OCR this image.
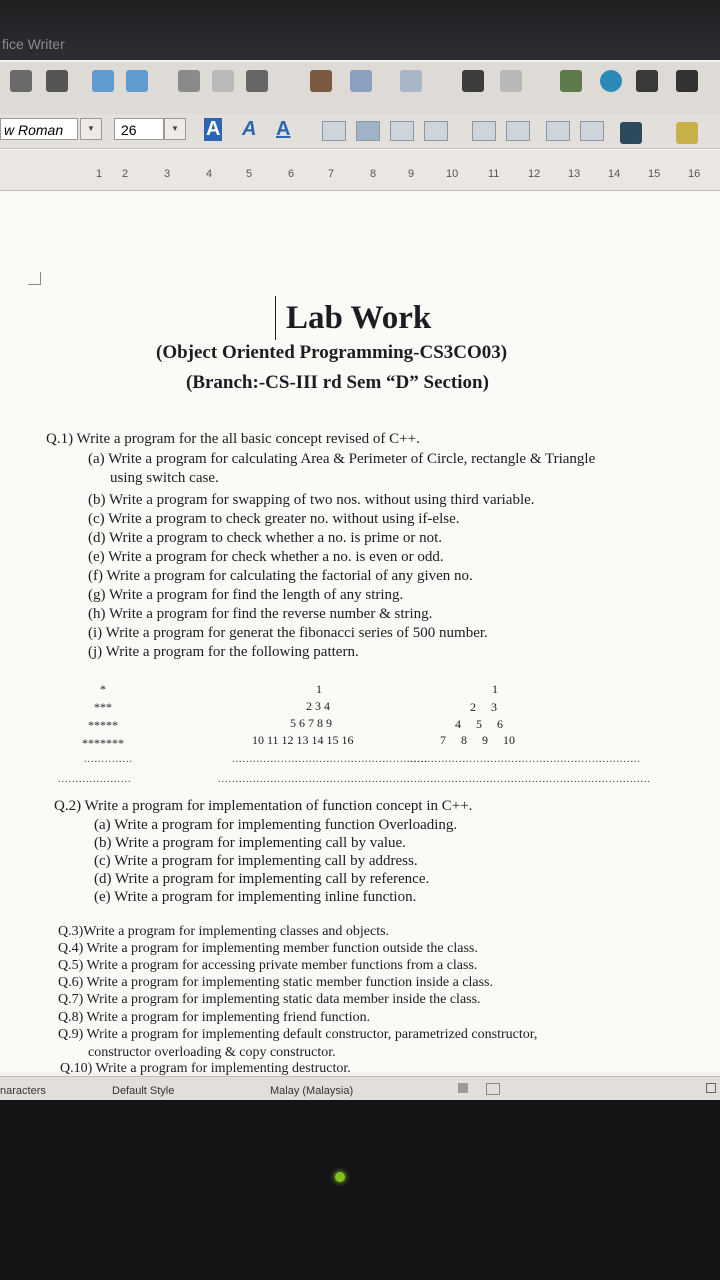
fice Writer
w Roman	▼	26	▼	A A A
1 2	3	4	5	6	7	8	9	10	11	12	13	14	15	16
Lab Work
(Object Oriented Programming-CS3CO03)
(Branch:-CS-III rd Sem “D” Section)
Q.1) Write a program for the all basic concept revised of C++.
(a) Write a program for calculating Area & Perimeter of Circle, rectangle & Triangle
using switch case.
(b) Write a program for swapping of two nos. without using third variable.
(c) Write a program to check greater no. without using if-else.
(d) Write a program to check whether a no. is prime or not.
(e) Write a program for check whether a no. is even or odd.
(f) Write a program for calculating the factorial of any given no.
(g) Write a program for find the length of any string.
(h) Write a program for find the reverse number & string.
(i) Write a program for generat the fibonacci series of 500 number.
(j) Write a program for the following pattern.
*
***
*****
*******
..............
.....................
1
2 3 4
5 6 7 8 9
10 11 12 13 14 15 16
........................................................
..........................................................
1
2     3
4     5     6
7     8     9     10
..................................................................
..................................................................
Q.2) Write a program for implementation of function concept in C++.
(a) Write a program for implementing function Overloading.
(b) Write a program for implementing call by value.
(c) Write a program for implementing call by address.
(d) Write a program for implementing call by reference.
(e) Write a program for implementing inline function.
Q.3)Write a program for implementing classes and objects.
Q.4) Write a program for implementing member function outside the class.
Q.5) Write a program for accessing private member functions from a class.
Q.6) Write a program for implementing static member function inside a class.
Q.7) Write a program for implementing static data member inside the class.
Q.8) Write a program for implementing friend function.
Q.9) Write a program for implementing default constructor, parametrized constructor,
constructor overloading & copy constructor.
Q.10) Write a program for implementing destructor.
naracters	Default Style	Malay (Malaysia)
